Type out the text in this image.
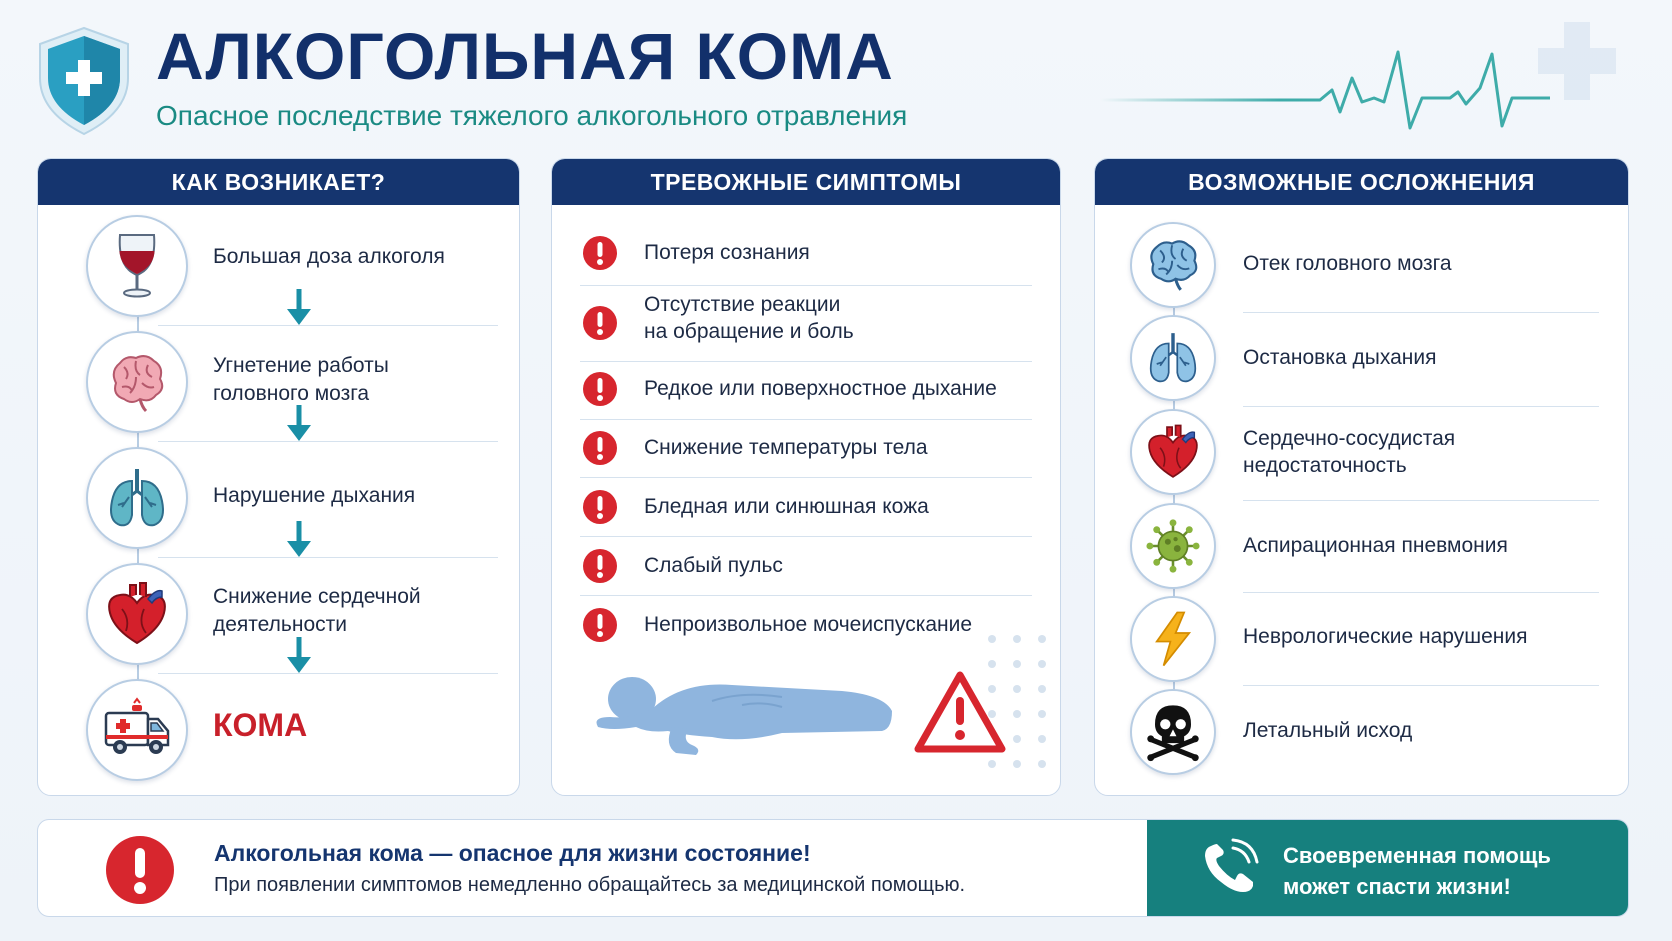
АЛКОГОЛЬНАЯ КОМА
Опасное последствие тяжелого алкогольного отравления
КАК ВОЗНИКАЕТ?
Большая доза алкоголя
Угнетение работы
головного мозга
Нарушение дыхания
Снижение сердечной
деятельности
КОМА
ТРЕВОЖНЫЕ СИМПТОМЫ
Потеря сознания
Отсутствие реакции
на обращение и боль
Редкое или поверхностное дыхание
Снижение температуры тела
Бледная или синюшная кожа
Слабый пульс
Непроизвольное мочеиспускание
ВОЗМОЖНЫЕ ОСЛОЖНЕНИЯ
Отек головного мозга
Остановка дыхания
Сердечно-сосудистая
недостаточность
Аспирационная пневмония
Неврологические нарушения
Летальный исход
Алкогольная кома — опасное для жизни состояние!
При появлении симптомов немедленно обращайтесь за медицинской помощью.
Своевременная помощь
может спасти жизни!
